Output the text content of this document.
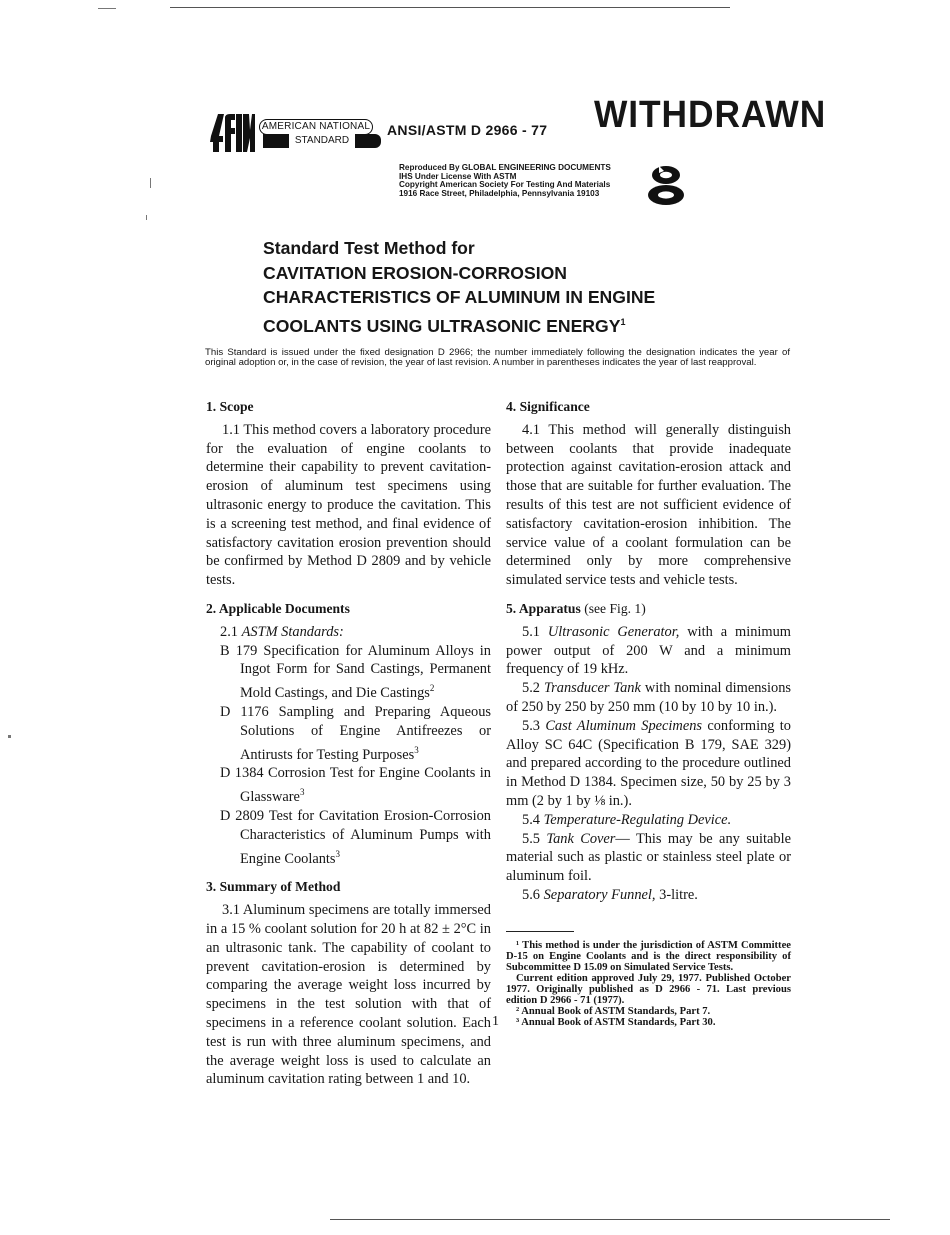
AMERICAN NATIONAL
STANDARD
ANSI/ASTM D 2966 - 77 WITHDRAWN
Reproduced By GLOBAL ENGINEERING DOCUMENTS
IHS Under License With ASTM
Copyright American Society For Testing And Materials
1916 Race Street, Philadelphia, Pennsylvania 19103
Standard Test Method for
CAVITATION EROSION-CORROSION
CHARACTERISTICS OF ALUMINUM IN ENGINE
COOLANTS USING ULTRASONIC ENERGY$^1$
This Standard is issued under the fixed designation D 2966; the number immediately following the designation indicates the year of original adoption or, in the case of revision, the year of last revision. A number in parentheses indicates the year of last reapproval.
1. Scope

1.1 This method covers a laboratory procedure for the evaluation of engine coolants to determine their capability to prevent cavitation-erosion of aluminum test specimens using ultrasonic energy to produce the cavitation. This is a screening test method, and final evidence of satisfactory cavitation erosion prevention should be confirmed by Method D 2809 and by vehicle tests.

2. Applicable Documents

2.1 ASTM Standards:

B 179 Specification for Aluminum Alloys in Ingot Form for Sand Castings, Permanent Mold Castings, and Die Castings$^2$

D 1176 Sampling and Preparing Aqueous Solutions of Engine Antifreezes or Antirusts for Testing Purposes$^3$

D 1384 Corrosion Test for Engine Coolants in Glassware$^3$

D 2809 Test for Cavitation Erosion-Corrosion Characteristics of Aluminum Pumps with Engine Coolants$^3$

3. Summary of Method

3.1 Aluminum specimens are totally immersed in a 15 % coolant solution for 20 h at 82 ± 2°C in an ultrasonic tank. The capability of coolant to prevent cavitation-erosion is determined by comparing the average weight loss incurred by specimens in the test solution with that of specimens in a reference coolant solution. Each test is run with three aluminum specimens, and the average weight loss is used to calculate an aluminum cavitation rating between 1 and 10.

4. Significance

4.1 This method will generally distinguish between coolants that provide inadequate protection against cavitation-erosion attack and those that are suitable for further evaluation. The results of this test are not sufficient evidence of satisfactory cavitation-erosion inhibition. The service value of a coolant formulation can be determined only by more comprehensive simulated service tests and vehicle tests.

5. Apparatus (see Fig. 1)

5.1 Ultrasonic Generator, with a minimum power output of 200 W and a minimum frequency of 19 kHz.

5.2 Transducer Tank with nominal dimensions of 250 by 250 by 250 mm (10 by 10 by 10 in.).

5.3 Cast Aluminum Specimens conforming to Alloy SC 64C (Specification B 179, SAE 329) and prepared according to the procedure outlined in Method D 1384. Specimen size, 50 by 25 by 3 mm (2 by 1 by ⅛ in.).

5.4 Temperature-Regulating Device.

5.5 Tank Cover— This may be any suitable material such as plastic or stainless steel plate or aluminum foil.

5.6 Separatory Funnel, 3-litre.

¹ This method is under the jurisdiction of ASTM Committee D-15 on Engine Coolants and is the direct responsibility of Subcommittee D 15.09 on Simulated Service Tests.

Current edition approved July 29, 1977. Published October 1977. Originally published as D 2966 - 71. Last previous edition D 2966 - 71 (1977).

² Annual Book of ASTM Standards, Part 7.

³ Annual Book of ASTM Standards, Part 30.

1
